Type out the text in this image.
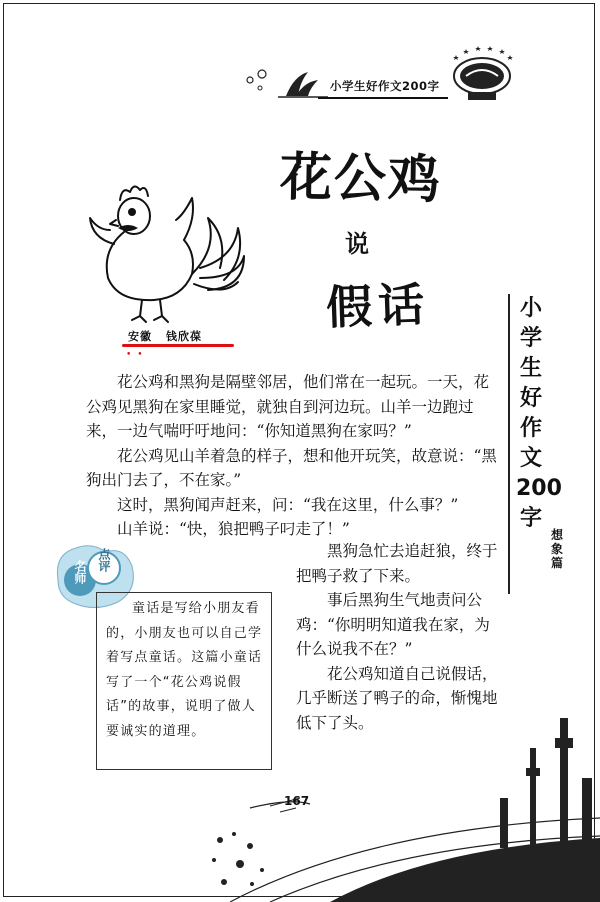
小学生好作文200字
花公鸡
说
假话
安徽 钱欣葆
••
小学生好作文200字
想象篇

花公鸡和黑狗是隔壁邻居，他们常在一起玩。一天，花公鸡见黑狗在家里睡觉，就独自到河边玩。山羊一边跑过来，一边气喘吁吁地问：“你知道黑狗在家吗？”

花公鸡见山羊着急的样子，想和他开玩笑，故意说：“黑狗出门去了，不在家。”

这时，黑狗闻声赶来，问：“我在这里，什么事？”

山羊说：“快，狼把鸭子叼走了！”

黑狗急忙去追赶狼，终于把鸭子救了下来。

事后黑狗生气地责问公鸡：“你明明知道我在家，为什么说我不在？”

花公鸡知道自己说假话，几乎断送了鸭子的命，惭愧地低下了头。

名师 点评
童话是写给小朋友看的，小朋友也可以自己学着写点童话。这篇小童话写了一个“花公鸡说假话”的故事，说明了做人要诚实的道理。
167
